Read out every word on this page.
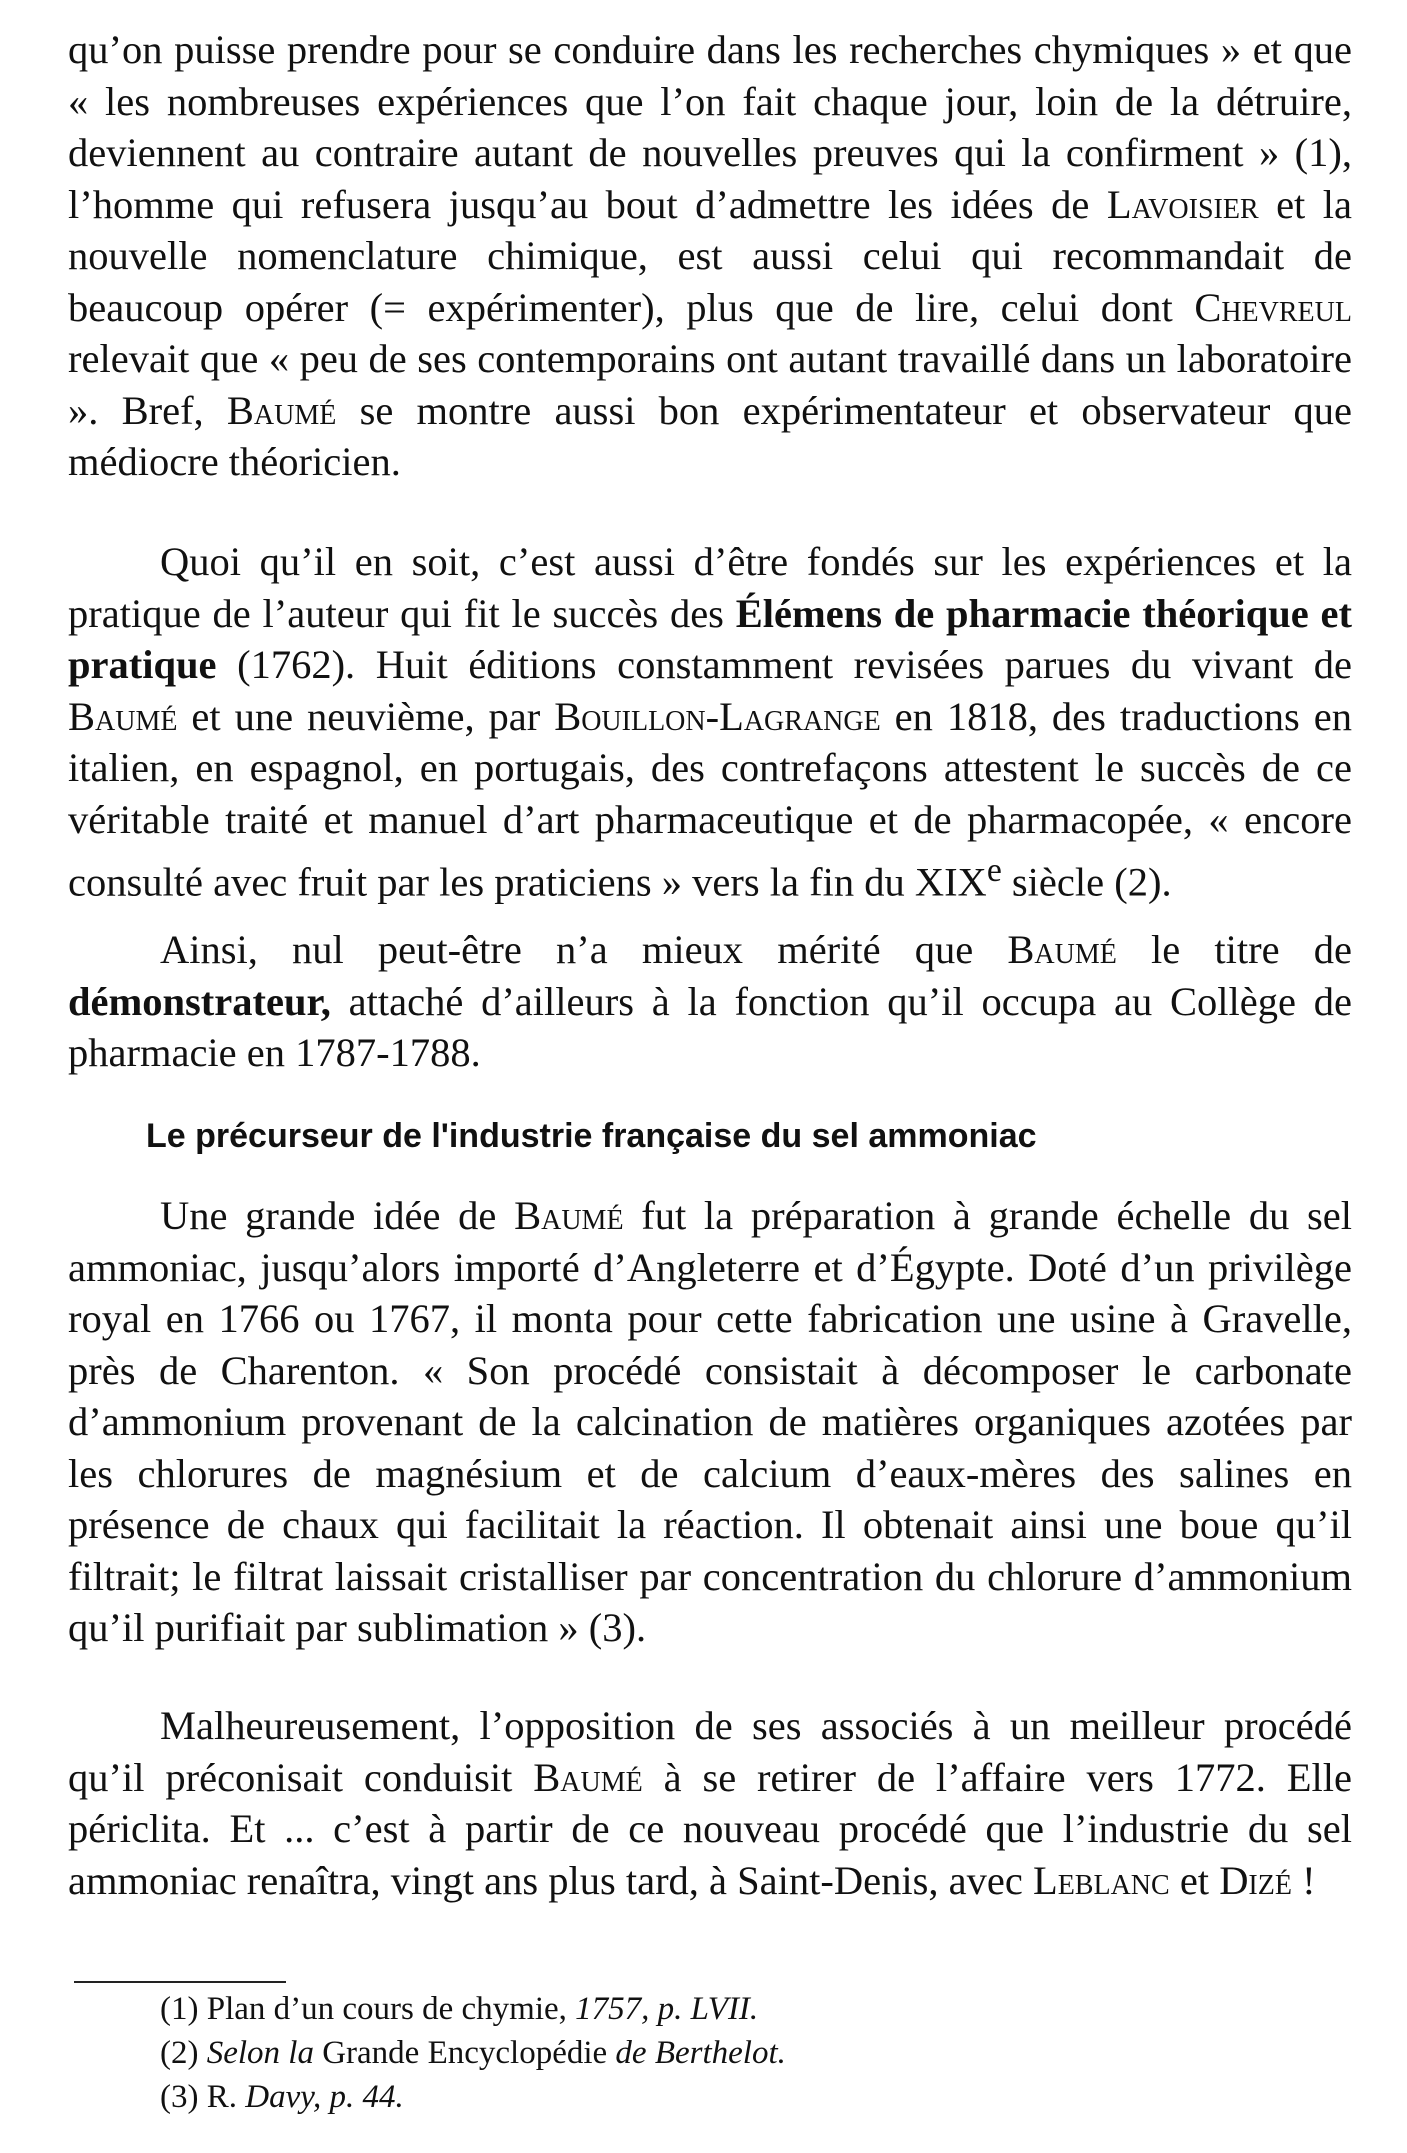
qu’on puisse prendre pour se conduire dans les recherches chymiques » et que « les nombreuses expériences que l’on fait chaque jour, loin de la détruire, deviennent au contraire autant de nouvelles preuves qui la confirment » (1), l’homme qui refusera jusqu’au bout d’admettre les idées de Lavoisier et la nouvelle nomenclature chimique, est aussi celui qui recommandait de beaucoup opérer (= expérimenter), plus que de lire, celui dont Chevreul relevait que « peu de ses contemporains ont autant travaillé dans un laboratoire ». Bref, Baumé se montre aussi bon expérimentateur et observateur que médiocre théoricien.

Quoi qu’il en soit, c’est aussi d’être fondés sur les expériences et la pratique de l’auteur qui fit le succès des Élémens de pharmacie théorique et pratique (1762). Huit éditions constamment revisées parues du vivant de Baumé et une neuvième, par Bouillon-Lagrange en 1818, des traductions en italien, en espagnol, en portugais, des contrefaçons attestent le succès de ce véritable traité et manuel d’art pharmaceutique et de pharmacopée, « encore consulté avec fruit par les praticiens » vers la fin du XIXe siècle (2).

Ainsi, nul peut-être n’a mieux mérité que Baumé le titre de démonstrateur, attaché d’ailleurs à la fonction qu’il occupa au Collège de pharmacie en 1787-1788.

Le précurseur de l'industrie française du sel ammoniac

Une grande idée de Baumé fut la préparation à grande échelle du sel ammoniac, jusqu’alors importé d’Angleterre et d’Égypte. Doté d’un privilège royal en 1766 ou 1767, il monta pour cette fabrication une usine à Gravelle, près de Charenton. « Son procédé consistait à décomposer le carbonate d’ammonium provenant de la calcination de matières organiques azotées par les chlorures de magnésium et de calcium d’eaux-mères des salines en présence de chaux qui facilitait la réaction. Il obtenait ainsi une boue qu’il filtrait; le filtrat laissait cristalliser par concentration du chlorure d’ammonium qu’il purifiait par sublimation » (3).

Malheureusement, l’opposition de ses associés à un meilleur procédé qu’il préconisait conduisit Baumé à se retirer de l’affaire vers 1772. Elle périclita. Et ... c’est à partir de ce nouveau procédé que l’industrie du sel ammoniac renaîtra, vingt ans plus tard, à Saint-Denis, avec Leblanc et Dizé !

(1) Plan d’un cours de chymie, 1757, p. LVII.
(2) Selon la Grande Encyclopédie de Berthelot.
(3) R. Davy, p. 44.
